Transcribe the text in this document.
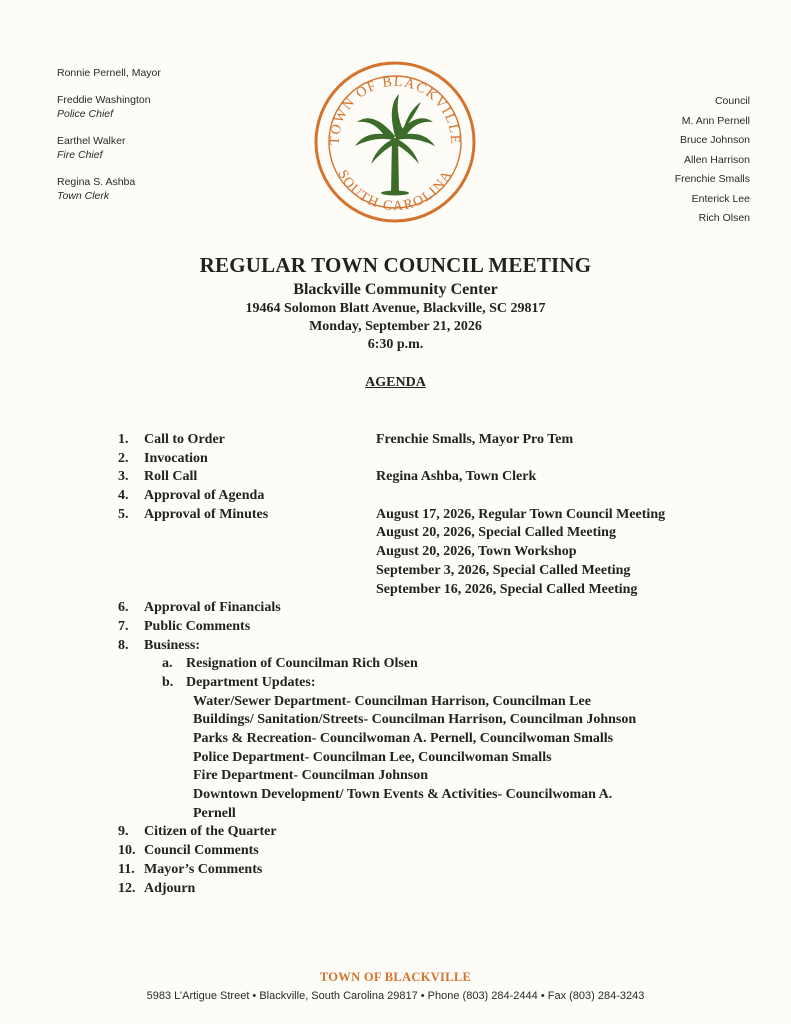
Ronnie Pernell, Mayor
Freddie Washington
Police Chief
Earthel Walker
Fire Chief
Regina S. Ashba
Town Clerk
TOWN OF BLACKVILLE
SOUTH CAROLINA
Council
M. Ann Pernell
Bruce Johnson
Allen Harrison
Frenchie Smalls
Enterick Lee
Rich Olsen
REGULAR TOWN COUNCIL MEETING
Blackville Community Center
19464 Solomon Blatt Avenue, Blackville, SC 29817
Monday, September 21, 2026
6:30 p.m.
AGENDA
1. Call to Order	Frenchie Smalls, Mayor Pro Tem
2. Invocation
3. Roll Call	Regina Ashba, Town Clerk
4. Approval of Agenda
5. Approval of Minutes	August 17, 2026, Regular Town Council Meeting
August 20, 2026, Special Called Meeting
August 20, 2026, Town Workshop
September 3, 2026, Special Called Meeting
September 16, 2026, Special Called Meeting
6. Approval of Financials
7. Public Comments
8. Business:
a. Resignation of Councilman Rich Olsen
b. Department Updates:
Water/Sewer Department- Councilman Harrison, Councilman Lee
Buildings/ Sanitation/Streets- Councilman Harrison, Councilman Johnson
Parks & Recreation- Councilwoman A. Pernell, Councilwoman Smalls
Police Department- Councilman Lee, Councilwoman Smalls
Fire Department- Councilman Johnson
Downtown Development/ Town Events & Activities- Councilwoman A.
Pernell
9. Citizen of the Quarter
10. Council Comments
11. Mayor’s Comments
12. Adjourn
TOWN OF BLACKVILLE
5983 L’Artigue Street • Blackville, South Carolina 29817 • Phone (803) 284-2444 • Fax (803) 284-3243
